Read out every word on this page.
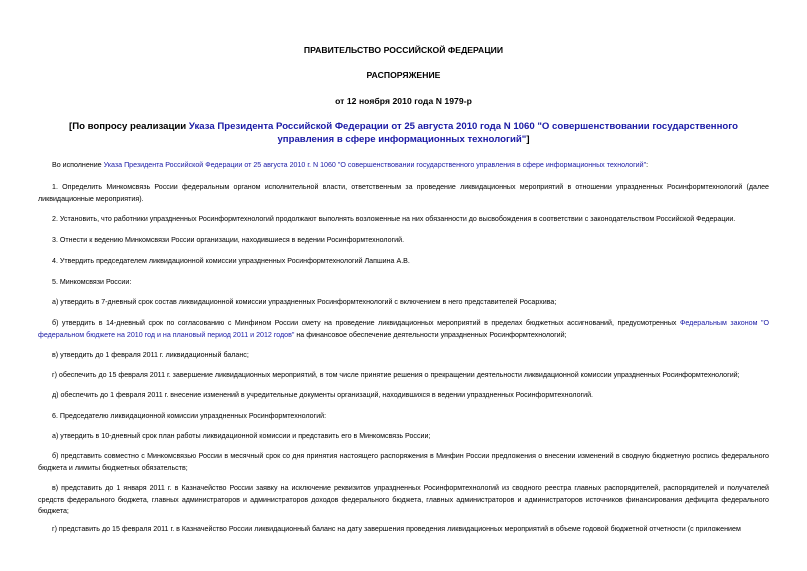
ПРАВИТЕЛЬСТВО РОССИЙСКОЙ ФЕДЕРАЦИИ
РАСПОРЯЖЕНИЕ
от 12 ноября 2010 года N 1979-р
[По вопросу реализации Указа Президента Российской Федерации от 25 августа 2010 года N 1060 "О совершенствовании государственного управления в сфере информационных технологий"]
Во исполнение Указа Президента Российской Федерации от 25 августа 2010 г. N 1060 "О совершенствовании государственного управления в сфере информационных технологий":
1. Определить Минкомсвязь России федеральным органом исполнительной власти, ответственным за проведение ликвидационных мероприятий в отношении упраздненных Росинформтехнологий (далее ликвидационные мероприятия).
2. Установить, что работники упраздненных Росинформтехнологий продолжают выполнять возложенные на них обязанности до высвобождения в соответствии с законодательством Российской Федерации.
3. Отнести к ведению Минкомсвязи России организации, находившиеся в ведении Росинформтехнологий.
4. Утвердить председателем ликвидационной комиссии упраздненных Росинформтехнологий Лапшина А.В.
5. Минкомсвязи России:
а) утвердить в 7-дневный срок состав ликвидационной комиссии упраздненных Росинформтехнологий с включением в него представителей Росархива;
б) утвердить в 14-дневный срок по согласованию с Минфином России смету на проведение ликвидационных мероприятий в пределах бюджетных ассигнований, предусмотренных Федеральным законом "О федеральном бюджете на 2010 год и на плановый период 2011 и 2012 годов" на финансовое обеспечение деятельности упраздненных Росинформтехнологий;
в) утвердить до 1 февраля 2011 г. ликвидационный баланс;
г) обеспечить до 15 февраля 2011 г. завершение ликвидационных мероприятий, в том числе принятие решения о прекращении деятельности ликвидационной комиссии упраздненных Росинформтехнологий;
д) обеспечить до 1 февраля 2011 г. внесение изменений в учредительные документы организаций, находившихся в ведении упраздненных Росинформтехнологий.
6. Председателю ликвидационной комиссии упраздненных Росинформтехнологий:
а) утвердить в 10-дневный срок план работы ликвидационной комиссии и представить его в Минкомсвязь России;
б) представить совместно с Минкомсвязью России в месячный срок со дня принятия настоящего распоряжения в Минфин России предложения о внесении изменений в сводную бюджетную роспись федерального бюджета и лимиты бюджетных обязательств;
в) представить до 1 января 2011 г. в Казначейство России заявку на исключение реквизитов упраздненных Росинформтехнологий из сводного реестра главных распорядителей, распорядителей и получателей средств федерального бюджета, главных администраторов и администраторов доходов федерального бюджета, главных администраторов и администраторов источников финансирования дефицита федерального бюджета;
г) представить до 15 февраля 2011 г. в Казначейство России ликвидационный баланс на дату завершения проведения ликвидационных мероприятий в объеме годовой бюджетной отчетности (с приложением
